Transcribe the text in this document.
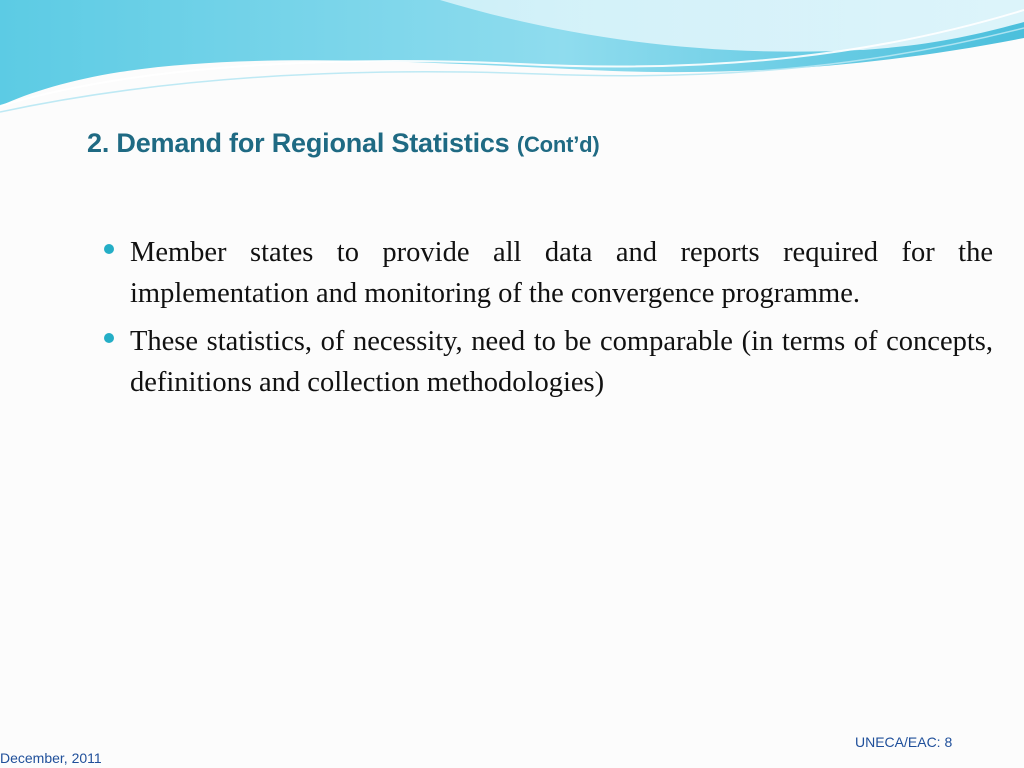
2. Demand for Regional Statistics (Cont’d)
Member states to provide all data and reports required for the implementation and monitoring of the convergence programme.
These statistics, of necessity, need to be comparable (in terms of concepts, definitions and collection methodologies)
December, 2011
UNECA/EAC: 8
